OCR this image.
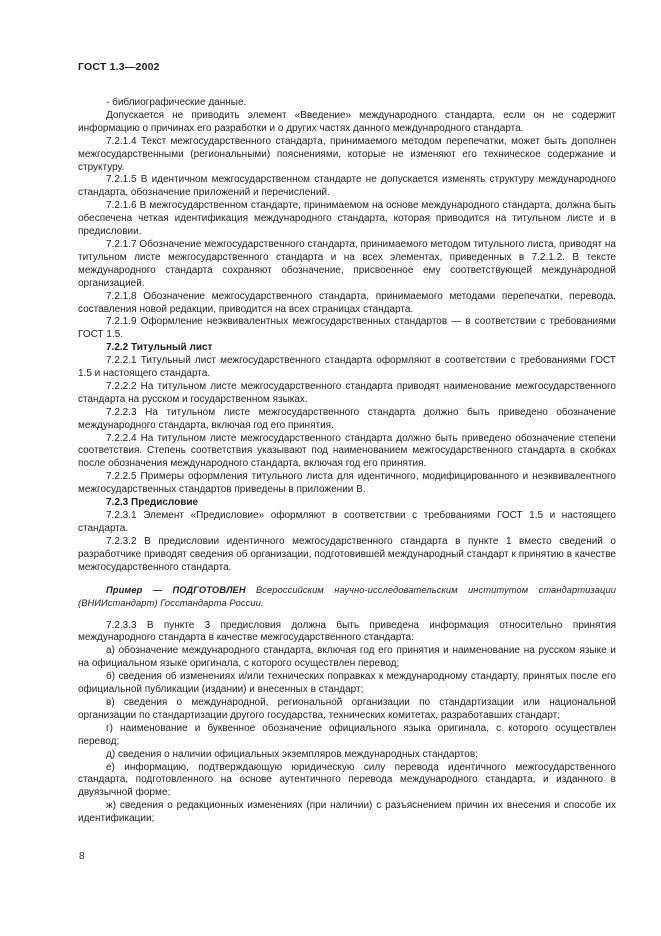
ГОСТ 1.3—2002

- библиографические данные.

Допускается не приводить элемент «Введение» международного стандарта, если он не содержит информацию о причинах его разработки и о других частях данного международного стандарта.

7.2.1.4 Текст межгосударственного стандарта, принимаемого методом перепечатки, может быть дополнен межгосударственными (региональными) пояснениями, которые не изменяют его техническое содержание и структуру.

7.2.1.5 В идентичном межгосударственном стандарте не допускается изменять структуру международного стандарта, обозначение приложений и перечислений.

7.2.1.6 В межгосударственном стандарте, принимаемом на основе международного стандарта, должна быть обеспечена четкая идентификация международного стандарта, которая приводится на титульном листе и в предисловии.

7.2.1.7 Обозначение межгосударственного стандарта, принимаемого методом титульного листа, приводят на титульном листе межгосударственного стандарта и на всех элементах, приведенных в 7.2.1.2. В тексте международного стандарта сохраняют обозначение, присвоенное ему соответствующей международной организацией.

7.2.1.8 Обозначение межгосударственного стандарта, принимаемого методами перепечатки, перевода, составления новой редакции, приводится на всех страницах стандарта.

7.2.1.9 Оформление неэквивалентных межгосударственных стандартов — в соответствии с требованиями ГОСТ 1.5.

7.2.2 Титульный лист

7.2.2.1 Титульный лист межгосударственного стандарта оформляют в соответствии с требованиями ГОСТ 1.5 и настоящего стандарта.

7.2.2.2 На титульном листе межгосударственного стандарта приводят наименование межгосударственного стандарта на русском и государственном языках.

7.2.2.3 На титульном листе межгосударственного стандарта должно быть приведено обозначение международного стандарта, включая год его принятия.

7.2.2.4 На титульном листе межгосударственного стандарта должно быть приведено обозначение степени соответствия. Степень соответствия указывают под наименованием межгосударственного стандарта в скобках после обозначения международного стандарта, включая год его принятия.

7.2.2.5 Примеры оформления титульного листа для идентичного, модифицированного и неэквивалентного межгосударственных стандартов приведены в приложении В.

7.2.3 Предисловие

7.2.3.1 Элемент «Предисловие» оформляют в соответствии с требованиями ГОСТ 1.5 и настоящего стандарта.

7.2.3.2 В предисловии идентичного межгосударственного стандарта в пункте 1 вместо сведений о разработчике приводят сведения об организации, подготовившей международный стандарт к принятию в качестве межгосударственного стандарта.

Пример — ПОДГОТОВЛЕН Всероссийским научно-исследовательским институтом стандартизации (ВНИИстандарт) Госстандарта России.

7.2.3.3 В пункте 3 предисловия должна быть приведена информация относительно принятия международного стандарта в качестве межгосударственного стандарта:

а) обозначение международного стандарта, включая год его принятия и наименование на русском языке и на официальном языке оригинала, с которого осуществлен перевод;

б) сведения об изменениях и/или технических поправках к международному стандарту, принятых после его официальной публикации (издании) и внесенных в стандарт;

в) сведения о международной, региональной организации по стандартизации или национальной организации по стандартизации другого государства, технических комитетах, разработавших стандарт;

г) наименование и буквенное обозначение официального языка оригинала, с которого осуществлен перевод;

д) сведения о наличии официальных экземпляров международных стандартов;

е) информацию, подтверждающую юридическую силу перевода идентичного межгосударственного стандарта, подготовленного на основе аутентичного перевода международного стандарта, и изданного в двуязычной форме;

ж) сведения о редакционных изменениях (при наличии) с разъяснением причин их внесения и способе их идентификации;

8
